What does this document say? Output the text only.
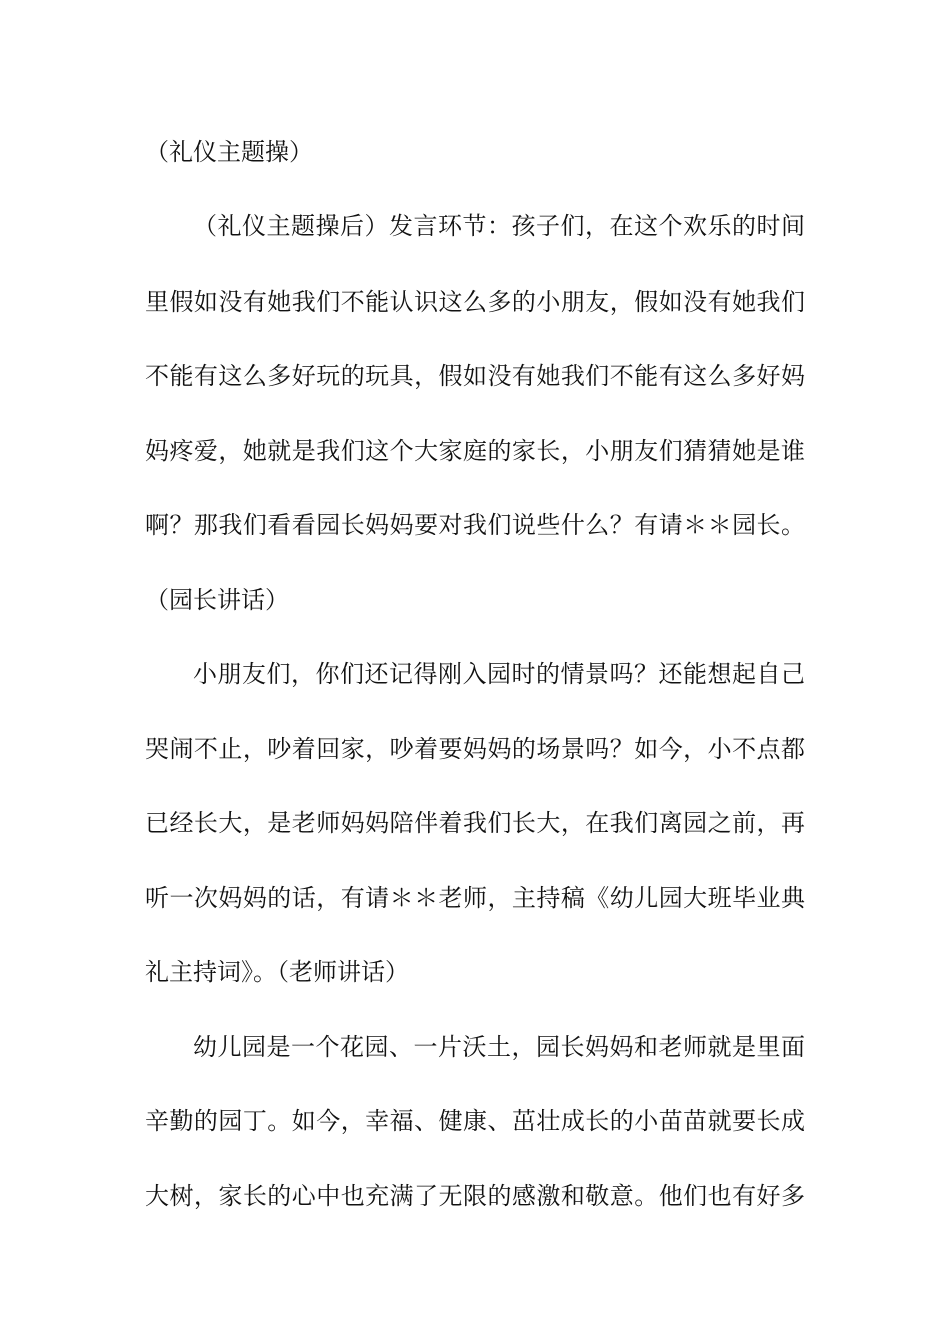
（礼仪主题操）
（礼仪主题操后）发言环节：孩子们，在这个欢乐的时间
里假如没有她我们不能认识这么多的小朋友，假如没有她我们
不能有这么多好玩的玩具，假如没有她我们不能有这么多好妈
妈疼爱，她就是我们这个大家庭的家长，小朋友们猜猜她是谁
啊？那我们看看园长妈妈要对我们说些什么？有请＊＊园长。
（园长讲话）
小朋友们，你们还记得刚入园时的情景吗？还能想起自己
哭闹不止，吵着回家，吵着要妈妈的场景吗？如今，小不点都
已经长大，是老师妈妈陪伴着我们长大，在我们离园之前，再
听一次妈妈的话，有请＊＊老师，主持稿《幼儿园大班毕业典
礼主持词》。（老师讲话）
幼儿园是一个花园、一片沃土，园长妈妈和老师就是里面
辛勤的园丁。如今，幸福、健康、茁壮成长的小苗苗就要长成
大树，家长的心中也充满了无限的感激和敬意。他们也有好多
